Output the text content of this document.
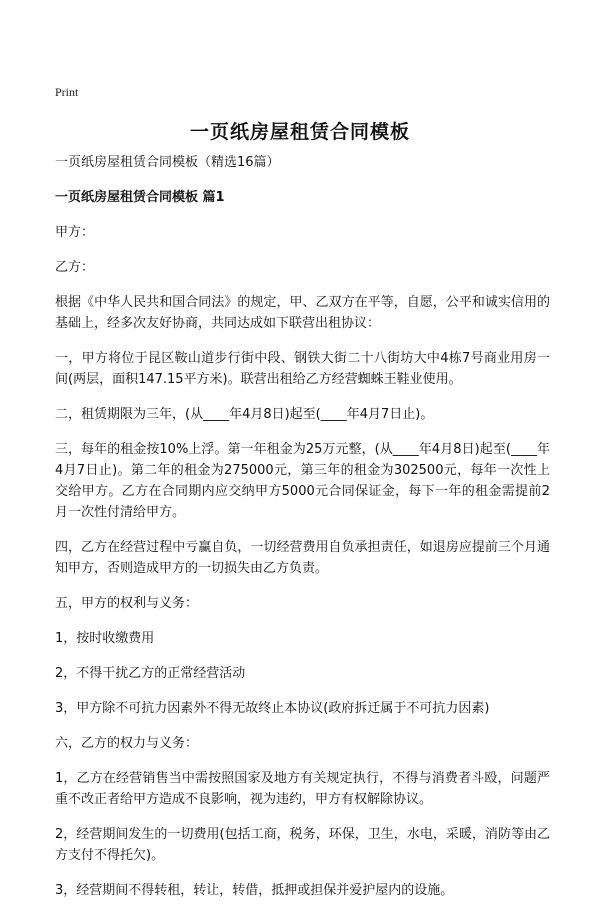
Print
一页纸房屋租赁合同模板

一页纸房屋租赁合同模板（精选16篇）

一页纸房屋租赁合同模板 篇1

甲方：

乙方：

根据《中华人民共和国合同法》的规定，甲、乙双方在平等，自愿，公平和诚实信用的基础上，经多次友好协商，共同达成如下联营出租协议：

一，甲方将位于昆区鞍山道步行街中段、钢铁大街二十八街坊大中4栋7号商业用房一间(两层，面积147.15平方米)。联营出租给乙方经营蜘蛛王鞋业使用。

二，租赁期限为三年，(从____年4月8日)起至(____年4月7日止)。

三，每年的租金按10%上浮。第一年租金为25万元整，(从____年4月8日)起至(____年4月7日止)。第二年的租金为275000元，第三年的租金为302500元，每年一次性上交给甲方。乙方在合同期内应交纳甲方5000元合同保证金，每下一年的租金需提前2月一次性付清给甲方。

四，乙方在经营过程中亏赢自负，一切经营费用自负承担责任，如退房应提前三个月通知甲方，否则造成甲方的一切损失由乙方负责。

五，甲方的权利与义务：

1，按时收缴费用

2，不得干扰乙方的正常经营活动

3，甲方除不可抗力因素外不得无故终止本协议(政府拆迁属于不可抗力因素)

六，乙方的权力与义务：

1，乙方在经营销售当中需按照国家及地方有关规定执行，不得与消费者斗殴，问题严重不改正者给甲方造成不良影响，视为违约，甲方有权解除协议。

2，经营期间发生的一切费用(包括工商，税务，环保，卫生，水电，采暖，消防等由乙方支付不得托欠)。

3，经营期间不得转租，转让，转借，抵押或担保并爱护屋内的设施。
